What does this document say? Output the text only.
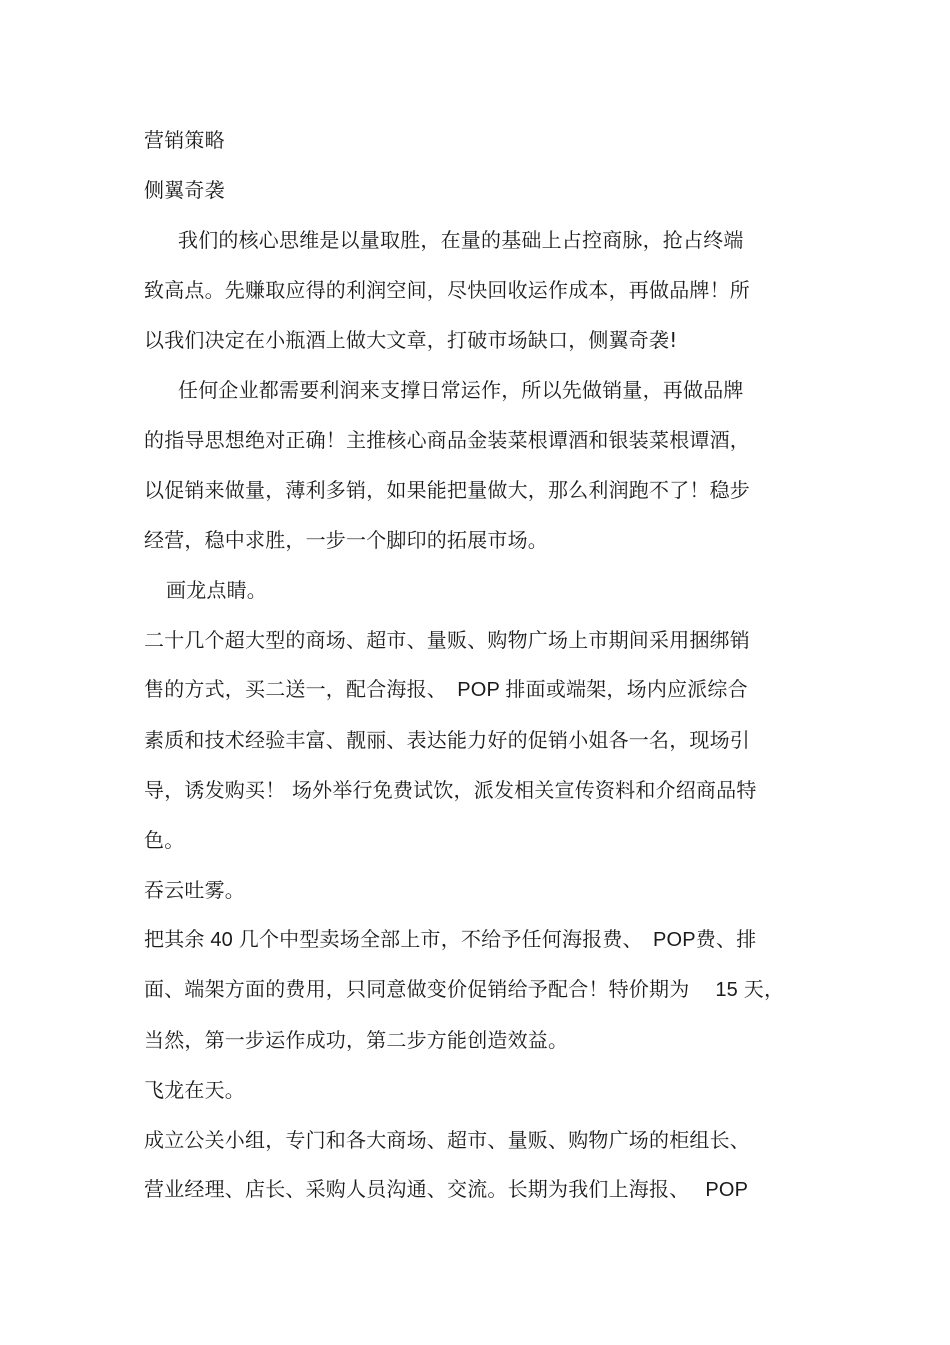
营销策略
侧翼奇袭
我们的核心思维是以量取胜，在量的基础上占控商脉，抢占终端
致高点。先赚取应得的利润空间，尽快回收运作成本，再做品牌！所
以我们决定在小瓶酒上做大文章，打破市场缺口，侧翼奇袭!
任何企业都需要利润来支撑日常运作，所以先做销量，再做品牌
的指导思想绝对正确！主推核心商品金装菜根谭酒和银装菜根谭酒，
以促销来做量，薄利多销，如果能把量做大，那么利润跑不了！稳步
经营，稳中求胜，一步一个脚印的拓展市场。
画龙点睛。
二十几个超大型的商场、超市、量贩、购物广场上市期间采用捆绑销
售的方式，买二送一，配合海报、　POP 排面或端架，场内应派综合
素质和技术经验丰富、靓丽、表达能力好的促销小姐各一名，现场引
导，诱发购买！ 场外举行免费试饮，派发相关宣传资料和介绍商品特
色。
吞云吐雾。
把其余 40 几个中型卖场全部上市，不给予任何海报费、　POP费、排
面、端架方面的费用，只同意做变价促销给予配合！特价期为　 15 天，
当然，第一步运作成功，第二步方能创造效益。
飞龙在天。
成立公关小组，专门和各大商场、超市、量贩、购物广场的柜组长、
营业经理、店长、采购人员沟通、交流。长期为我们上海报、　 POP
